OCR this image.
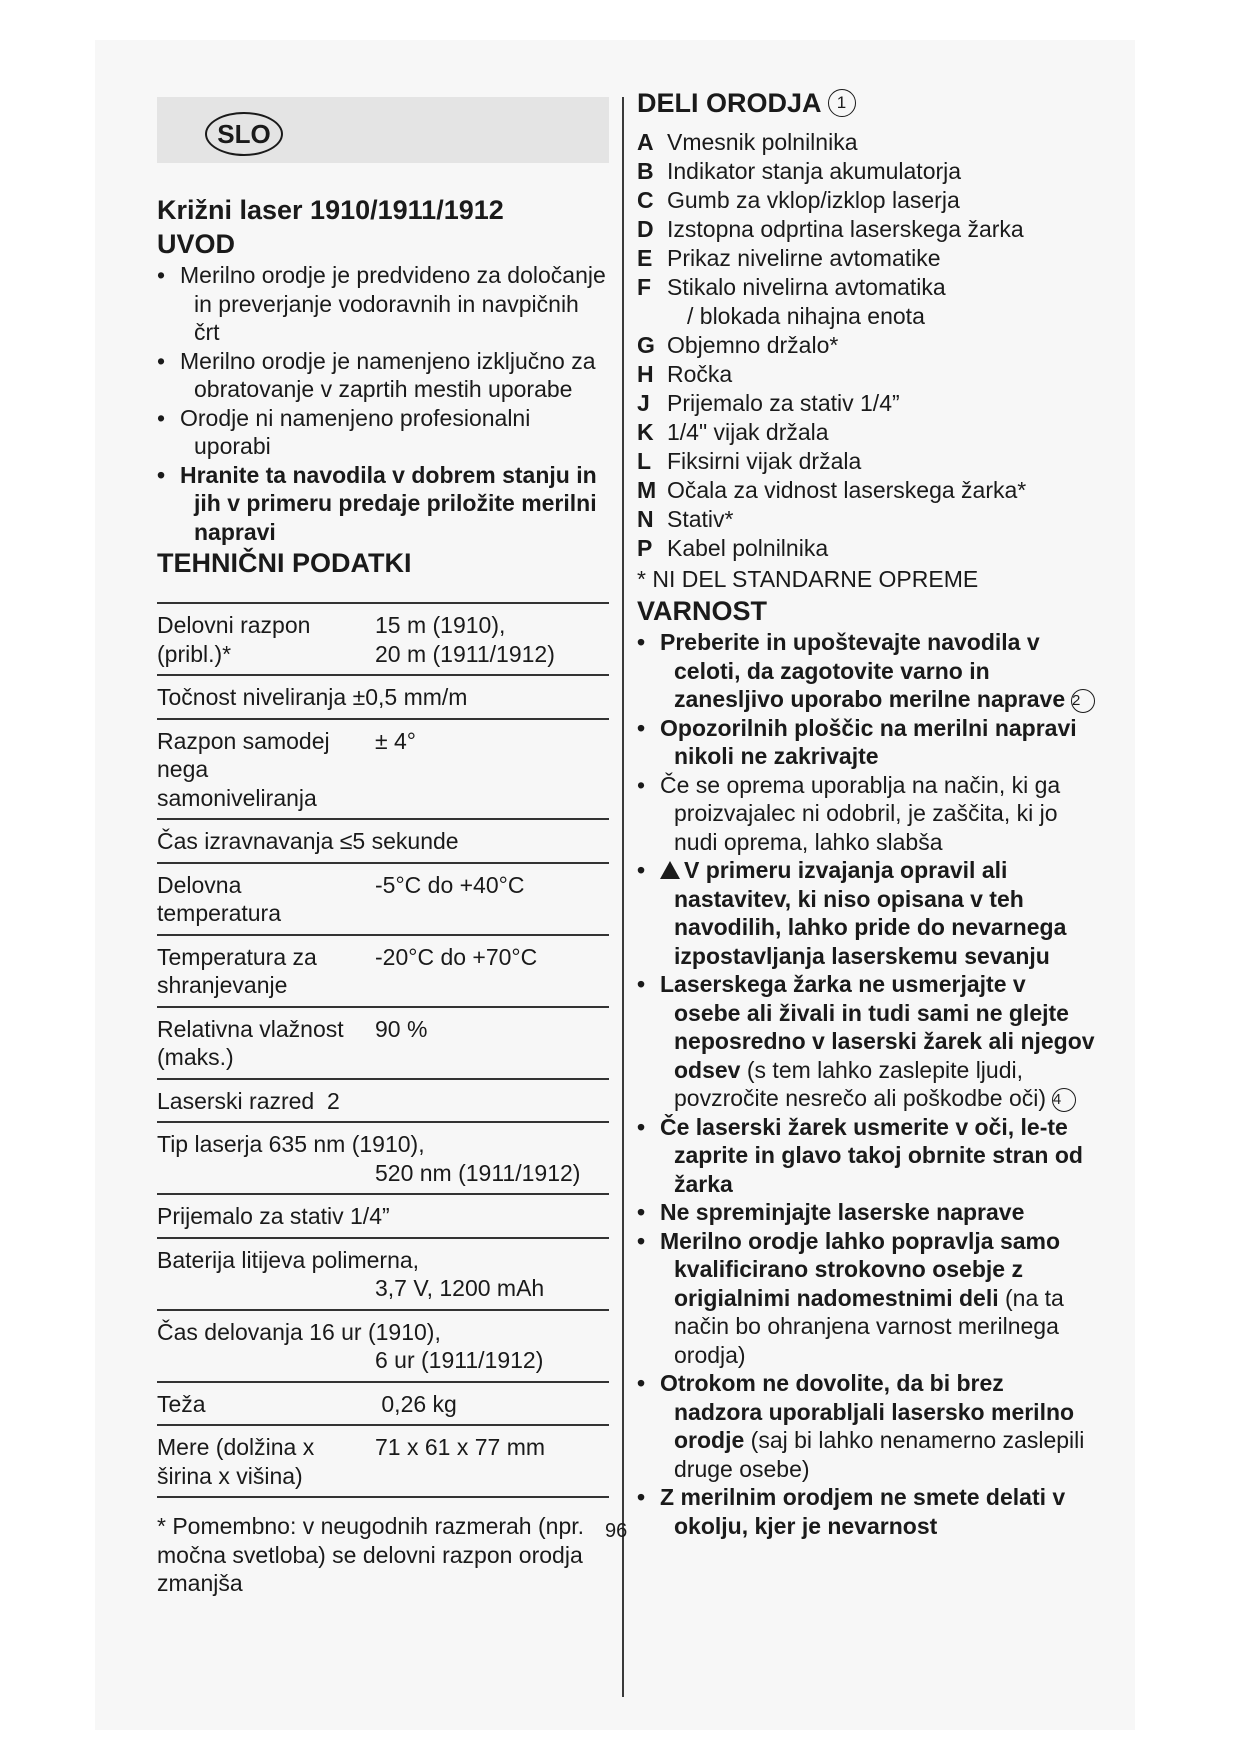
SLO
Križni laser 1910/1911/1912
UVOD
• Merilno orodje je predvideno za določanje in preverjanje vodoravnih in navpičnih črt
• Merilno orodje je namenjeno izključno za obratovanje v zaprtih mestih uporabe
• Orodje ni namenjeno profesionalni uporabi
• Hranite ta navodila v dobrem stanju in jih v primeru predaje priložite merilni napravi
TEHNIČNI PODATKI
Delovni razpon (pribl.)*
15 m (1910),
20 m (1911/1912)
Točnost niveliranja ±0,5 mm/m
Razpon samodej nega samoniveliranja
± 4°
Čas izravnavanja ≤5 sekunde
Delovna temperatura
-5°C do +40°C
Temperatura za shranjevanje
-20°C do +70°C
Relativna vlažnost (maks.)
90 %
Laserski razred  2
Tip laserja 635 nm (1910),
520 nm (1911/1912)
Prijemalo za stativ 1/4”
Baterija litijeva polimerna,
3,7 V, 1200 mAh
Čas delovanja 16 ur (1910),
6 ur (1911/1912)
Teža	0,26 kg
Mere (dolžina x širina x višina)
71 x 61 x 77 mm
* Pomembno: v neugodnih razmerah (npr. močna svetloba) se delovni razpon orodja zmanjša
DELI ORODJA 1
A Vmesnik polnilnika
B Indikator stanja akumulatorja
C Gumb za vklop/izklop laserja
D Izstopna odprtina laserskega žarka
E Prikaz nivelirne avtomatike
F Stikalo nivelirna avtomatika
/ blokada nihajna enota
G Objemno držalo*
H Ročka
J Prijemalo za stativ 1/4”
K 1/4" vijak držala
L Fiksirni vijak držala
M Očala za vidnost laserskega žarka*
N Stativ*
P Kabel polnilnika
* NI DEL STANDARNE OPREME
VARNOST
• Preberite in upoštevajte navodila v celoti, da zagotovite varno in zanesljivo uporabo merilne naprave 2
• Opozorilnih ploščic na merilni napravi nikoli ne zakrivajte
• Če se oprema uporablja na način, ki ga proizvajalec ni odobril, je zaščita, ki jo nudi oprema, lahko slabša
• V primeru izvajanja opravil ali nastavitev, ki niso opisana v teh navodilih, lahko pride do nevarnega izpostavljanja laserskemu sevanju
• Laserskega žarka ne usmerjajte v osebe ali živali in tudi sami ne glejte neposredno v laserski žarek ali njegov odsev (s tem lahko zaslepite ljudi, povzročite nesrečo ali poškodbe oči) 4
• Če laserski žarek usmerite v oči, le-te zaprite in glavo takoj obrnite stran od žarka
• Ne spreminjajte laserske naprave
• Merilno orodje lahko popravlja samo kvalificirano strokovno osebje z origialnimi nadomestnimi deli (na ta način bo ohranjena varnost merilnega orodja)
• Otrokom ne dovolite, da bi brez nadzora uporabljali lasersko merilno orodje (saj bi lahko nenamerno zaslepili druge osebe)
• Z merilnim orodjem ne smete delati v okolju, kjer je nevarnost
96
